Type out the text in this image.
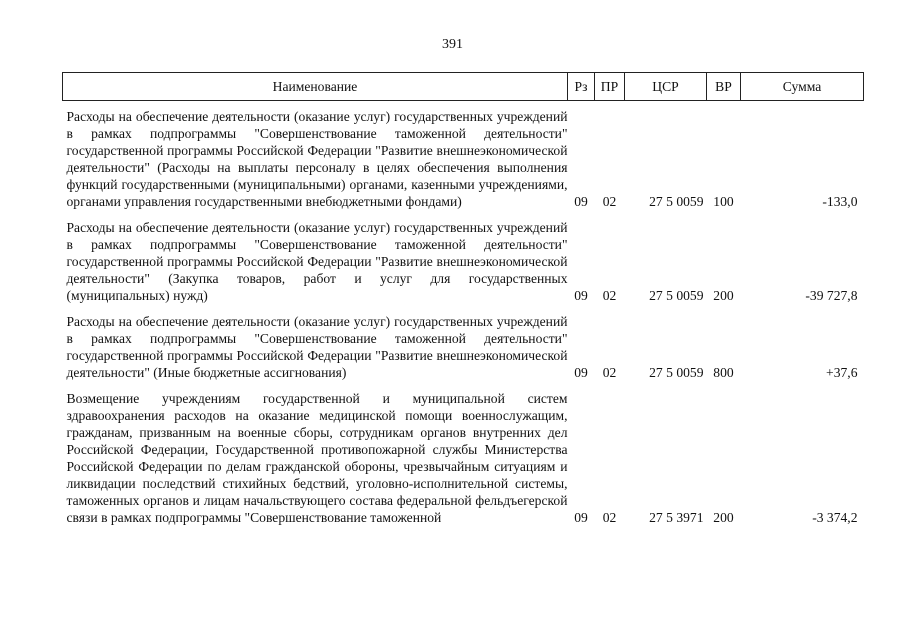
391
Наименование	Рз	ПР	ЦСР	ВР	Сумма
Расходы на обеспечение деятельности (оказание услуг) государственных учреждений в рамках подпрограммы "Совершенствование таможенной деятельности" государственной программы Российской Федерации "Развитие внешнеэкономической деятельности" (Расходы на выплаты персоналу в целях обеспечения выполнения функций государственными (муниципальными) органами, казенными учреждениями, органами управления государственными внебюджетными фондами)	09	02	27 5 0059	100	-133,0
Расходы на обеспечение деятельности (оказание услуг) государственных учреждений в рамках подпрограммы "Совершенствование таможенной деятельности" государственной программы Российской Федерации "Развитие внешнеэкономической деятельности" (Закупка товаров, работ и услуг для государственных (муниципальных) нужд)	09	02	27 5 0059	200	-39 727,8
Расходы на обеспечение деятельности (оказание услуг) государственных учреждений в рамках подпрограммы "Совершенствование таможенной деятельности" государственной программы Российской Федерации "Развитие внешнеэкономической деятельности" (Иные бюджетные ассигнования)	09	02	27 5 0059	800	+37,6
Возмещение учреждениям государственной и муниципальной систем здравоохранения расходов на оказание медицинской помощи военнослужащим, гражданам, призванным на военные сборы, сотрудникам органов внутренних дел Российской Федерации, Государственной противопожарной службы Министерства Российской Федерации по делам гражданской обороны, чрезвычайным ситуациям и ликвидации последствий стихийных бедствий, уголовно-исполнительной системы, таможенных органов и лицам начальствующего состава федеральной фельдъегерской связи в рамках подпрограммы "Совершенствование таможенной	09	02	27 5 3971	200	-3 374,2
